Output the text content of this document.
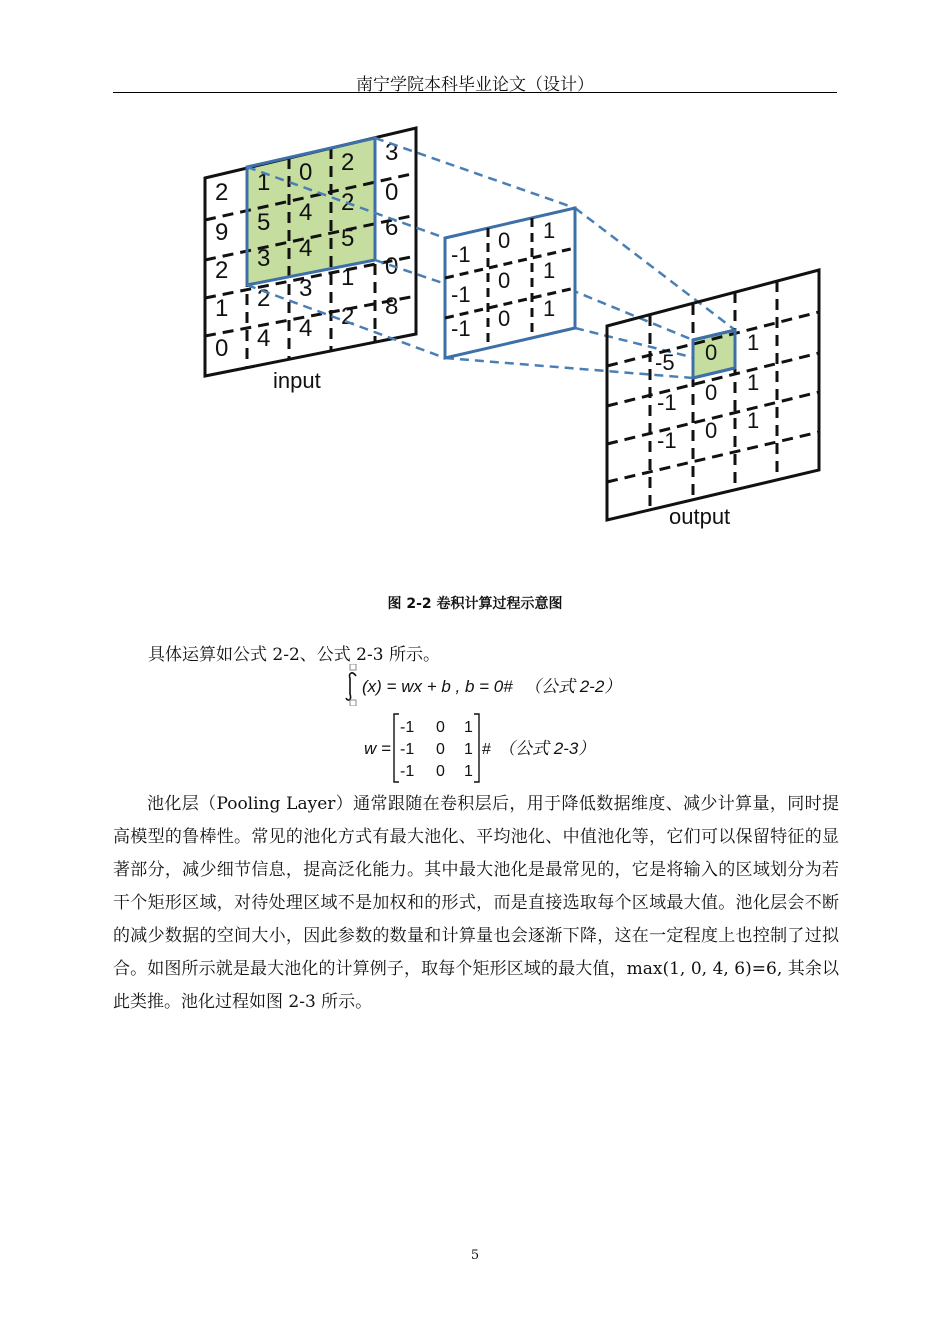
南宁学院本科毕业论文（设计）
3
2 1 0 2
0
9 5 4 2
6
2 3 4 5
0
1 2 3 1
8
0 4 4 2
input
-1
0 1
-1
0 1
-1 0 1
-5 0 1
-1 0 1
-1 0 1
output
图 2-2 卷积计算过程示意图
具体运算如公式 2-2、公式 2-3 所示。
(x) = wx + b , b = 0# （公式 2-2）
w =
-1 0 1
-1 0 1
-1 0 1
# （公式 2-3）

池化层（Pooling Layer）通常跟随在卷积层后，用于降低数据维度、减少计算量，同时提高模型的鲁棒性。常见的池化方式有最大池化、平均池化、中值池化等，它们可以保留特征的显著部分，减少细节信息，提高泛化能力。其中最大池化是最常见的，它是将输入的区域划分为若干个矩形区域，对待处理区域不是加权和的形式，而是直接选取每个区域最大值。池化层会不断的减少数据的空间大小，因此参数的数量和计算量也会逐渐下降，这在一定程度上也控制了过拟合。如图所示就是最大池化的计算例子，取每个矩形区域的最大值，max(1, 0, 4, 6)=6, 其余以此类推。池化过程如图 2-3 所示。

5
